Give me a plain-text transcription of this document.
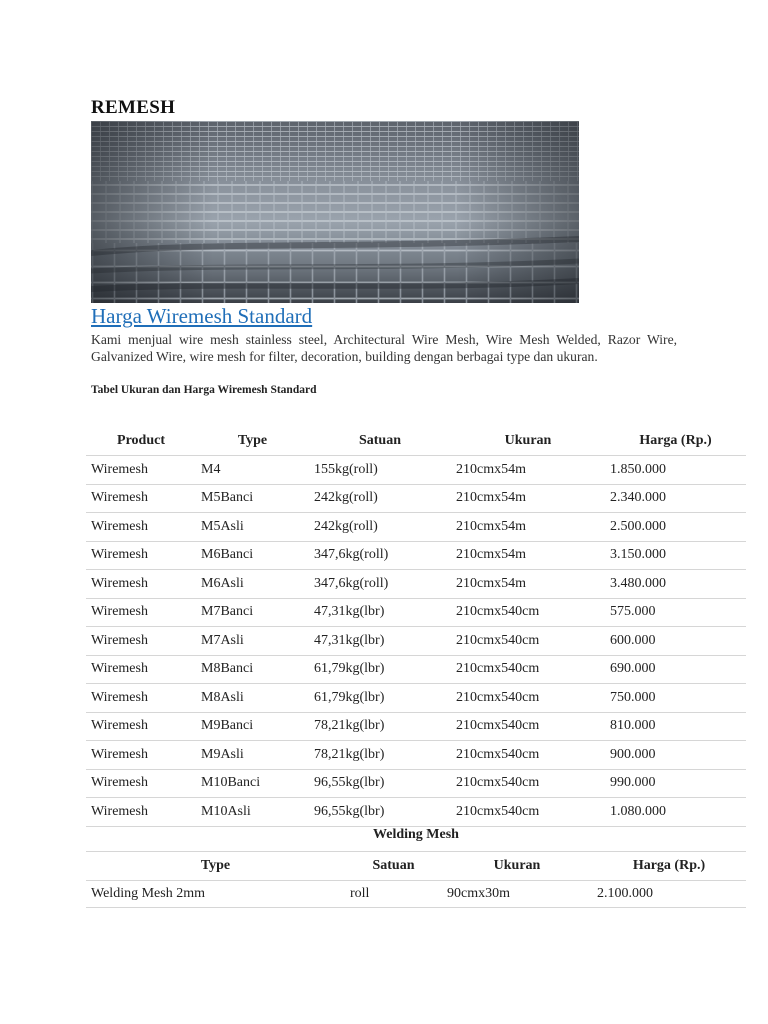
REMESH
Harga Wiremesh Standard

Kami menjual wire mesh stainless steel, Architectural Wire Mesh, Wire Mesh Welded, Razor Wire, Galvanized Wire, wire mesh for filter, decoration, building dengan berbagai type dan ukuran.

Tabel Ukuran dan Harga Wiremesh Standard

Product	Type	Satuan	Ukuran	Harga (Rp.)
Wiremesh	M4	155kg(roll)	210cmx54m	1.850.000
Wiremesh	M5Banci	242kg(roll)	210cmx54m	2.340.000
Wiremesh	M5Asli	242kg(roll)	210cmx54m	2.500.000
Wiremesh	M6Banci	347,6kg(roll)	210cmx54m	3.150.000
Wiremesh	M6Asli	347,6kg(roll)	210cmx54m	3.480.000
Wiremesh	M7Banci	47,31kg(lbr)	210cmx540cm	575.000
Wiremesh	M7Asli	47,31kg(lbr)	210cmx540cm	600.000
Wiremesh	M8Banci	61,79kg(lbr)	210cmx540cm	690.000
Wiremesh	M8Asli	61,79kg(lbr)	210cmx540cm	750.000
Wiremesh	M9Banci	78,21kg(lbr)	210cmx540cm	810.000
Wiremesh	M9Asli	78,21kg(lbr)	210cmx540cm	900.000
Wiremesh	M10Banci	96,55kg(lbr)	210cmx540cm	990.000
Wiremesh	M10Asli	96,55kg(lbr)	210cmx540cm	1.080.000
Welding Mesh
Type	Satuan	Ukuran	Harga (Rp.)
Welding Mesh 2mm	roll	90cmx30m	2.100.000
